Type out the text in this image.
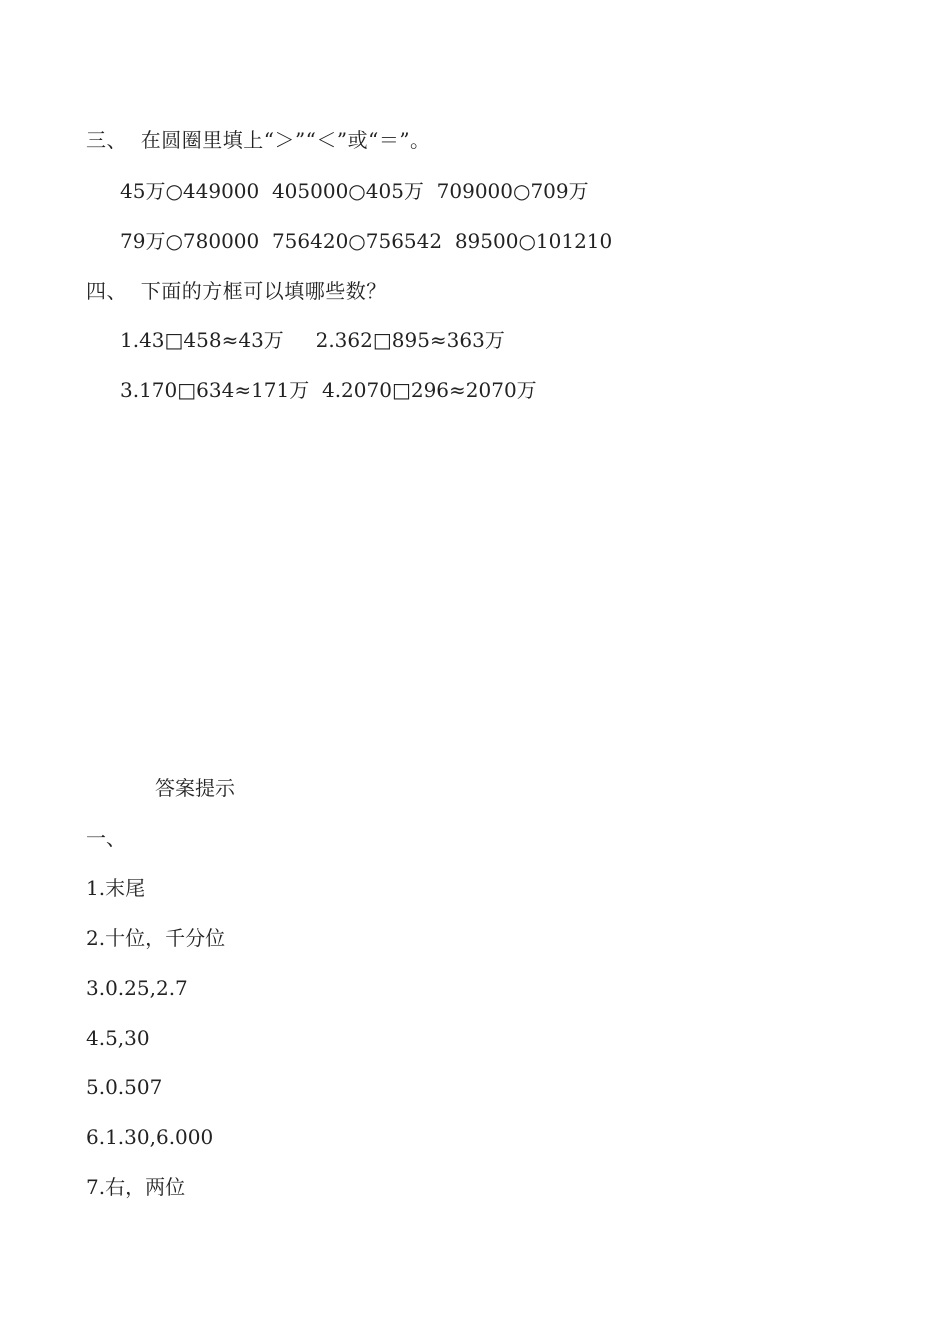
三、  在圆圈里填上“＞”“＜”或“＝”。
45万○449000  405000○405万  709000○709万
79万○780000  756420○756542  89500○101210
四、  下面的方框可以填哪些数？
1.43□458≈43万     2.362□895≈363万
3.170□634≈171万  4.2070□296≈2070万
答案提示
一、
1.末尾
2.十位，千分位
3.0.25,2.7
4.5,30
5.0.507
6.1.30,6.000
7.右，两位
